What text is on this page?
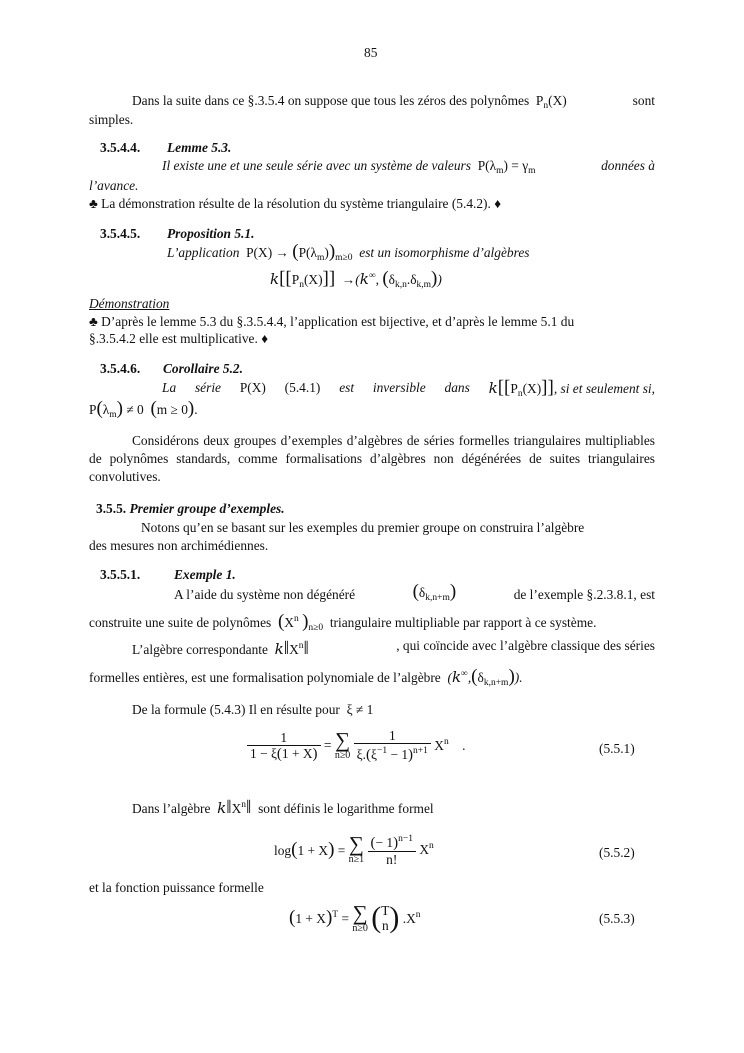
85
Dans la suite dans ce §.3.5.4 on suppose que tous les zéros des polynômes  $P_n(X)$	sont
simples.
3.5.4.4. Lemme 5.3.
Il existe une et une seule série avec un système de valeurs  $P(\lambda_m) = \gamma_m$	données à
l’avance.
♣ La démonstration résulte de la résolution du système triangulaire (5.4.2). ♦
3.5.4.5. Proposition 5.1.
L’application  $P(X) \to (P(\lambda_m))_{m\ge 0}$ est un isomorphisme d’algèbres
$k[[P_n(X)]] \to(k^\infty$, $(\delta_{k,n}.\delta_{k,m})$)
Démonstration
♣ D’après le lemme 5.3 du §.3.5.4.4, l’application est bijective, et d’après le lemme 5.1 du
§.3.5.4.2 elle est multiplicative. ♦
3.5.4.6. Corollaire 5.2.
La série P(X) (5.4.1) est inversible dans $k[[P_n(X)]]$, si et seulement si,
$P(\lambda_m) \ne 0$  (m ≥ 0).
Considérons deux groupes d’exemples d’algèbres de séries formelles triangulaires multipliables de polynômes standards, comme formalisations d’algèbres non dégénérées de suites triangulaires convolutives.
3.5.5. Premier groupe d’exemples.
Notons qu’en se basant sur les exemples du premier groupe on construira l’algèbre
des mesures non archimédiennes.
3.5.5.1.	Exemple 1.
A l’aide du système non dégénéré	$(\delta_{k,n+m})$	de l’exemple §.2.3.8.1, est
construite une suite de polynômes ($X^n$ )$_{n\ge 0}$ triangulaire multipliable par rapport à ce système.
L’algèbre correspondante $k‖X^n‖$	, qui coïncide avec l’algèbre classique des séries
formelles entières, est une formalisation polynomiale de l’algèbre  $(k^\infty,(\delta_{k,n+m}))$.
De la formule (5.4.3) Il en résulte pour  ξ ≠ 1
$\frac{1}{1 - \xi(1 + X)}$ = ∑
n≥0
$\frac{1}{\xi.(\xi^{-1} - 1)^{n+1}} X^n$    .	(5.5.1)
Dans l’algèbre $k‖X^n‖$ sont définis le logarithme formel
log(1 + X) = ∑
n≥1
$\frac{(- 1)^{n-1}}{n!} X^n$	(5.5.2)
et la fonction puissance formelle
$(1 + X)^T$ = ∑
n≥0 ( T
n ) $.X^n$	(5.5.3)
